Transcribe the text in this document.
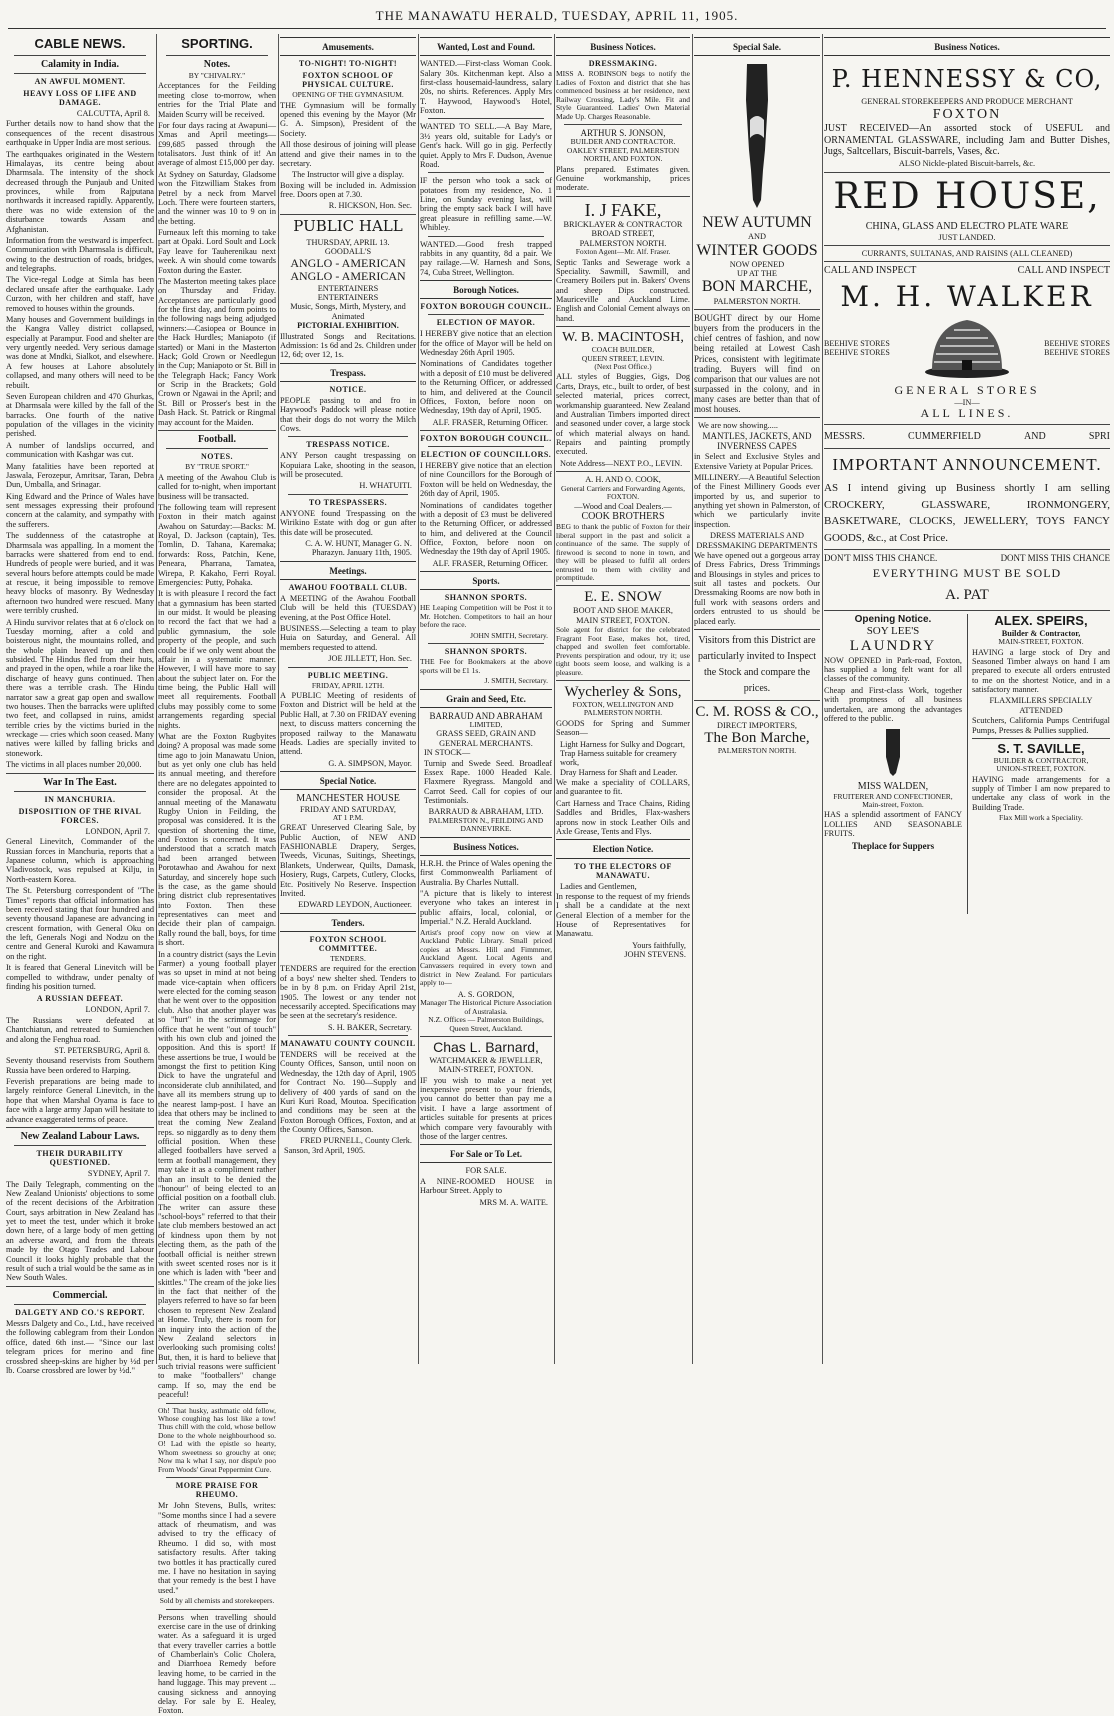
THE MANAWATU HERALD, TUESDAY, APRIL 11, 1905.
CABLE NEWS.
Calamity in India.
AN AWFUL MOMENT.
HEAVY LOSS OF LIFE AND DAMAGE.
CALCUTTA, April 8.
Further details now to hand show that the consequences of the recent disastrous earthquake in Upper India are most serious.
The earthquakes originated in the Western Himalayas, its centre being about Dharmsala. The intensity of the shock decreased through the Punjaub and United provinces, while from Rajputana northwards it increased rapidly. Apparently, there was no wide extension of the disturbance towards Assam and Afghanistan.
Information from the westward is imperfect. Communication with Dharmsala is difficult, owing to the destruction of roads, bridges, and telegraphs.
The Vice-regal Lodge at Simla has been declared unsafe after the earthquake. Lady Curzon, with her children and staff, have removed to houses within the grounds.
Many houses and Government buildings in the Kangra Valley district collapsed, especially at Parampur. Food and shelter are very urgently needed. Very serious damage was done at Mndki, Sialkot, and elsewhere. A few houses at Lahore absolutely collapsed, and many others will need to be rebuilt.
Seven European children and 470 Ghurkas, at Dharmsala were killed by the fall of the barracks. One fourth of the native population of the villages in the vicinity perished.
A number of landslips occurred, and communication with Kashgar was cut.
Many fatalities have been reported at Jaswala, Ferozepur, Amritsar, Taran, Debra Dun, Umballa, and Srinagar.
King Edward and the Prince of Wales have sent messages expressing their profound concern at the calamity, and sympathy with the sufferers.
The suddenness of the catastrophe at Dharmsala was appalling. In a moment the barracks were shattered from end to end. Hundreds of people were buried, and it was several hours before attempts could be made at rescue, it being impossible to remove heavy blocks of masonry. By Wednesday afternoon two hundred were rescued. Many were terribly crushed.
A Hindu survivor relates that at 6 o'clock on Tuesday morning, after a cold and boisterous night, the mountains rolled, and the whole plain heaved up and then subsided. The Hindus fled from their huts, and prayed in the open, while a roar like the discharge of heavy guns continued. Then there was a terrible crash. The Hindu narrator saw a great gap open and swallow two houses. Then the barracks were uplifted two feet, and collapsed in ruins, amidst terrible cries by the victims buried in the wreckage — cries which soon ceased. Many natives were killed by falling bricks and stonework.
The victims in all places number 20,000.
War In The East.
IN MANCHURIA.
DISPOSITION OF THE RIVAL FORCES.
LONDON, April 7.
General Linevitch, Commander of the Russian forces in Manchuria, reports that a Japanese column, which is approaching Vladivostock, was repulsed at Kilju, in North-eastern Korea.
The St. Petersburg correspondent of "The Times" reports that official information has been received stating that four hundred and seventy thousand Japanese are advancing in crescent formation, with General Oku on the left, Generals Nogi and Nodzu on the centre and General Kuroki and Kawamura on the right.
It is feared that General Linevitch will be compelled to withdraw, under penalty of finding his position turned.
A RUSSIAN DEFEAT.
LONDON, April 7.
The Russians were defeated at Chantchiatun, and retreated to Sumienchen and along the Fenghua road.
ST. PETERSBURG, April 8.
Seventy thousand reservists from Southern Russia have been ordered to Harping.
Feverish preparations are being made to largely reinforce General Linevitch, in the hope that when Marshal Oyama is face to face with a large army Japan will hesitate to advance exaggerated terms of peace.
New Zealand Labour Laws.
THEIR DURABILITY QUESTIONED.
SYDNEY, April 7.
The Daily Telegraph, commenting on the New Zealand Unionists' objections to some of the recent decisions of the Arbitration Court, says arbitration in New Zealand has yet to meet the test, under which it broke down here, of a large body of men getting an adverse award, and from the threats made by the Otago Trades and Labour Council it looks highly probable that the result of such a trial would be the same as in New South Wales.
Commercial.
DALGETY AND CO.'S REPORT.
Messrs Dalgety and Co., Ltd., have received the following cablegram from their London office, dated 6th inst.— "Since our last telegram prices for merino and fine crossbred sheep-skins are higher by ½d per lb. Coarse crossbred are lower by ½d."
SPORTING.
Notes.
BY "CHIVALRY."
Acceptances for the Feilding meeting close to-morrow, when entries for the Trial Plate and Maiden Scurry will be received.
For four days racing at Awapuni—Xmas and April meetings—£99,685 passed through the totalisators. Just think of it! An average of almost £15,000 per day.
At Sydney on Saturday, Gladsome won the Fitzwilliam Stakes from Petrel by a neck from Marvel Loch. There were fourteen starters, and the winner was 10 to 9 on in the betting.
Furneaux left this morning to take part at Opaki. Lord Soult and Lock Fay leave for Tauherenikau next week. A win should come towards Foxton during the Easter.
The Masterton meeting takes place on Thursday and Friday. Acceptances are particularly good for the first day, and form points to the following nags being adjudged winners:—Casiopea or Bounce in the Hack Hurdles; Maniapoto (if started) or Mani in the Masterton Hack; Gold Crown or Needlegun in the Cup; Maniapoto or St. Bill in the Telegraph Hack; Fancy Work or Scrip in the Brackets; Gold Crown or Ngawai in the April; and St. Bill or Prosser's best in the Dash Hack. St. Patrick or Ringmal may account for the Maiden.
Football.
NOTES.
BY "TRUE SPORT."
A meeting of the Awahou Club is called for to-night, when important business will be transacted.
The following team will represent Foxton in their match against Awahou on Saturday:—Backs: M. Royal, D. Jackson (captain), Tes. Tomlin, D. Tahana, Karemaka; forwards: Ross, Patchin, Kene, Peneara, Pharrana, Tamatea, Wirepa, P. Kakaho, Ferri Royal. Emergencies: Putty, Pohaka.
It is with pleasure I record the fact that a gymnasium has been started in our midst. It would be pleasing to record the fact that we had a public gymnasium, the sole property of the people, and such could be if we only went about the affair in a systematic manner. However, I will have more to say about the subject later on. For the time being, the Public Hall will meet all requirements. Football clubs may possibly come to some arrangements regarding special nights.
What are the Foxton Rugbyites doing? A proposal was made some time ago to join Manawatu Union, but as yet only one club has held its annual meeting, and therefore there are no delegates appointed to consider the proposal. At the annual meeting of the Manawatu Rugby Union in Feilding, the proposal was considered. It is the question of shortening the time, and Foxton is concerned. It was understood that a scratch match had been arranged between Porotawhao and Awahou for next Saturday, and sincerely hope such is the case, as the game should bring district club representatives into Foxton. Then these representatives can meet and decide their plan of campaign. Rally round the ball, boys, for time is short.
In a country district (says the Levin Farmer) a young football player was so upset in mind at not being made vice-captain when officers were elected for the coming season that he went over to the opposition club. Also that another player was so "hurt" in the scrimmage for office that he went "out of touch" with his own club and joined the opposition. And this is sport! If these assertions be true, I would be amongst the first to petition King Dick to have the ungrateful and inconsiderate club annihilated, and have all its members strung up to the nearest lamp-post. I have an idea that others may be inclined to treat the coming New Zealand reps. so niggardly as to deny them official position. When these alleged footballers have served a term at football management, they may take it as a compliment rather than an insult to be denied the "honour" of being elected to an official position on a football club. The writer can assure these "school-boys" referred to that their late club members bestowed an act of kindness upon them by not electing them, as the path of the football official is neither strewn with sweet scented roses nor is it one which is laden with "beer and skittles." The cream of the joke lies in the fact that neither of the players referred to have so far been chosen to represent New Zealand at Home. Truly, there is room for an inquiry into the action of the New Zealand selectors in overlooking such promising colts! But, then, it is hard to believe that such trivial reasons were sufficient to make "footballers" change camp. If so, may the end be peaceful!
Oh! That husky, asthmatic old fellow, Whose coughing has lost like a tow! Thus chill with the cold, whose bellow Done to the whole neighbourhood so. O! Lad with the epistle so hearty, Whom sweetness so grouchy at one; Now ma k what I say, nor dispu'e poo From Woods' Great Peppermint Cure.
MORE PRAISE FOR RHEUMO.
Mr John Stevens, Bulls, writes: "Some months since I had a severe attack of rheumatism, and was advised to try the efficacy of Rheumo. I did so, with most satisfactory results. After taking two bottles it has practically cured me. I have no hesitation in saying that your remedy is the best I have used."
Sold by all chemists and storekeepers.
Persons when travelling should exercise care in the use of drinking water. As a safeguard it is urged that every traveller carries a bottle of Chamberlain's Colic Cholera, and Diarrhoea Remedy before leaving home, to be carried in the hand luggage. This may prevent ... causing sickness and annoying delay. For sale by E. Healey, Foxton.
Amusements.
TO-NIGHT! TO-NIGHT!
FOXTON SCHOOL OF PHYSICAL CULTURE.
OPENING OF THE GYMNASIUM.
THE Gymnasium will be formally opened this evening by the Mayor (Mr G. A. Simpson), President of the Society.
All those desirous of joining will please attend and give their names in to the secretary.
The Instructor will give a display.
Boxing will be included in. Admission free. Doors open at 7.30.
R. HICKSON, Hon. Sec.
PUBLIC HALL
THURSDAY, APRIL 13.
GOODALL'S
ANGLO - AMERICAN
ANGLO - AMERICAN
ENTERTAINERS
ENTERTAINERS
Music, Songs, Mirth, Mystery, and Animated
PICTORIAL EXHIBITION.
Illustrated Songs and Recitations. Admission: 1s 6d and 2s. Children under 12, 6d; over 12, 1s.
Trespass.
NOTICE.
PEOPLE passing to and fro in Haywood's Paddock will please notice that their dogs do not worry the Milch Cows.
TRESPASS NOTICE.
ANY Person caught trespassing on Kopuiara Lake, shooting in the season, will be prosecuted.
H. WHATUITI.
TO TRESPASSERS.
ANYONE found Trespassing on the Wirikino Estate with dog or gun after this date will be prosecuted.
C. A. W. HUNT, Manager G. N. Pharazyn. January 11th, 1905.
Meetings.
AWAHOU FOOTBALL CLUB.
A MEETING of the Awahou Football Club will be held this (TUESDAY) evening, at the Post Office Hotel.
BUSINESS.—Selecting a team to play Huia on Saturday, and General. All members requested to attend.
JOE JILLETT, Hon. Sec.
PUBLIC MEETING.
FRIDAY, APRIL 12TH.
A PUBLIC Meeting of residents of Foxton and District will be held at the Public Hall, at 7.30 on FRIDAY evening next, to discuss matters concerning the proposed railway to the Manawatu Heads. Ladies are specially invited to attend.
G. A. SIMPSON, Mayor.
Special Notice.
MANCHESTER HOUSE
FRIDAY AND SATURDAY,
AT 1 P.M.
GREAT Unreserved Clearing Sale, by Public Auction, of NEW AND FASHIONABLE Drapery, Serges, Tweeds, Vicunas, Suitings, Sheetings, Blankets, Underwear, Quilts, Damask, Hosiery, Rugs, Carpets, Cutlery, Clocks, Etc. Positively No Reserve. Inspection Invited.
EDWARD LEYDON, Auctioneer.
Tenders.
FOXTON SCHOOL COMMITTEE.
TENDERS.
TENDERS are required for the erection of a boys' new shelter shed. Tenders to be in by 8 p.m. on Friday April 21st, 1905. The lowest or any tender not necessarily accepted. Specifications may be seen at the secretary's residence.
S. H. BAKER, Secretary.
MANAWATU COUNTY COUNCIL
TENDERS will be received at the County Offices, Sanson, until noon on Wednesday, the 12th day of April, 1905 for Contract No. 190—Supply and delivery of 400 yards of sand on the Kuri Kuri Road, Moutoa. Specification and conditions may be seen at the Foxton Borough Offices, Foxton, and at the County Offices, Sanson.
FRED PURNELL, County Clerk.
Sanson, 3rd April, 1905.
Wanted, Lost and Found.
WANTED.—First-class Woman Cook. Salary 30s. Kitchenman kept. Also a first-class housemaid-laundress, salary 20s, no shirts. References. Apply Mrs T. Haywood, Haywood's Hotel, Foxton.
WANTED TO SELL.—A Bay Mare, 3½ years old, suitable for Lady's or Gent's hack. Will go in gig. Perfectly quiet. Apply to Mrs F. Dudson, Avenue Road.
IF the person who took a sack of potatoes from my residence, No. 1 Line, on Sunday evening last, will bring the empty sack back I will have great pleasure in refilling same.—W. Whibley.
WANTED.—Good fresh trapped rabbits in any quantity, 8d a pair. We pay railage.—W. Harnesh and Sons, 74, Cuba Street, Wellington.
Borough Notices.
FOXTON BOROUGH COUNCIL.
ELECTION OF MAYOR.
I HEREBY give notice that an election for the office of Mayor will be held on Wednesday 26th April 1905.
Nominations of Candidates together with a deposit of £10 must be delivered to the Returning Officer, or addressed to him, and delivered at the Council Offices, Foxton, before noon on Wednesday, 19th day of April, 1905.
ALF. FRASER, Returning Officer.
FOXTON BOROUGH COUNCIL.
ELECTION OF COUNCILLORS.
I HEREBY give notice that an election of nine Councillors for the Borough of Foxton will be held on Wednesday, the 26th day of April, 1905.
Nominations of candidates together with a deposit of £3 must be delivered to the Returning Officer, or addressed to him, and delivered at the Council Office, Foxton, before noon on Wednesday the 19th day of April 1905.
ALF. FRASER, Returning Officer.
Sports.
SHANNON SPORTS.
HE Leaping Competition will be Post it to Mr. Hotchen. Competitors to hail an hour before the race.
JOHN SMITH, Secretary.
SHANNON SPORTS.
THE Fee for Bookmakers at the above sports will be £1 1s.
J. SMITH, Secretary.
Grain and Seed, Etc.
BARRAUD AND ABRAHAM
LIMITED,
GRASS SEED, GRAIN AND GENERAL MERCHANTS.
IN STOCK—
Turnip and Swede Seed. Broadleaf Essex Rape. 1000 Headed Kale. Flaxmere Ryegrass. Mangold and Carrot Seed. Call for copies of our Testimonials.
BARRAUD & ABRAHAM, LTD.
PALMERSTON N., FEILDING AND DANNEVIRKE.
Business Notices.
H.R.H. the Prince of Wales opening the first Commonwealth Parliament of Australia. By Charles Nuttall.
"A picture that is likely to interest everyone who takes an interest in public affairs, local, colonial, or Imperial." N.Z. Herald Auckland.
Artist's proof copy now on view at Auckland Public Library. Small priced copies at Messrs. Hill and Fimmmer, Auckland Agent. Local Agents and Canvassers required in every town and district in New Zealand. For particulars apply to—
A. S. GORDON,
Manager The Historical Picture Association of Australasia.
N.Z. Offices — Palmerston Buildings, Queen Street, Auckland.
Chas L. Barnard,
WATCHMAKER & JEWELLER,
MAIN-STREET, FOXTON.
IF you wish to make a neat yet inexpensive present to your friends, you cannot do better than pay me a visit. I have a large assortment of articles suitable for presents at prices which compare very favourably with those of the larger centres.
For Sale or To Let.
FOR SALE.
A NINE-ROOMED HOUSE in Harbour Street. Apply to
MRS M. A. WAITE.
Business Notices.
DRESSMAKING.
MISS A. ROBINSON begs to notify the Ladies of Foxton and district that she has commenced business at her residence, next Railway Crossing, Lady's Mile. Fit and Style Guaranteed. Ladies' Own Material Made Up. Charges Reasonable.
ARTHUR S. JONSON,
BUILDER AND CONTRACTOR.
OAKLEY STREET, PALMERSTON NORTH, AND FOXTON.
Plans prepared. Estimates given. Genuine workmanship, prices moderate.
I. J FAKE,
BRICKLAYER & CONTRACTOR
BROAD STREET,
PALMERSTON NORTH.
Foxton Agent—Mr. Alf. Fraser.
Septic Tanks and Sewerage work a Speciality. Sawmill, Sawmill, and Creamery Boilers put in. Bakers' Ovens and sheep Dips constructed. Mauriceville and Auckland Lime. English and Colonial Cement always on hand.
W. B. MACINTOSH,
COACH BUILDER,
QUEEN STREET, LEVIN.
(Next Post Office.)
ALL styles of Buggies, Gigs, Dog Carts, Drays, etc., built to order, of best selected material, prices correct, workmanship guaranteed. New Zealand and Australian Timbers imported direct and seasoned under cover, a large stock of which material always on hand. Repairs and painting promptly executed.
Note Address—NEXT P.O., LEVIN.
A. H. AND O. COOK,
General Carriers and Forwarding Agents,
FOXTON.
—Wood and Coal Dealers.—
COOK BROTHERS
BEG to thank the public of Foxton for their liberal support in the past and solicit a continuance of the same. The supply of firewood is second to none in town, and they will be pleased to fulfil all orders entrusted to them with civility and promptitude.
E. E. SNOW
BOOT AND SHOE MAKER,
MAIN STREET, FOXTON.
Sole agent for district for the celebrated Fragrant Foot Ease, makes hot, tired, chapped and swollen feet comfortable. Prevents perspiration and odour, try it; use tight boots seem loose, and walking is a pleasure.
Wycherley & Sons,
FOXTON, WELLINGTON AND PALMERSTON NORTH.
GOODS for Spring and Summer Season—
Light Harness for Sulky and Dogcart,
Trap Harness suitable for creamery work,
Dray Harness for Shaft and Leader.
We make a speciality of COLLARS, and guarantee to fit.
Cart Harness and Trace Chains, Riding Saddles and Bridles, Flax-washers aprons now in stock Leather Oils and Axle Grease, Tents and Flys.
Election Notice.
TO THE ELECTORS OF MANAWATU.
Ladies and Gentlemen,
In response to the request of my friends I shall be a candidate at the next General Election of a member for the House of Representatives for Manawatu.
Yours faithfully,
JOHN STEVENS.
Special Sale.
NEW AUTUMN
AND
WINTER GOODS
NOW OPENED
UP AT THE
BON MARCHE,
PALMERSTON NORTH.
BOUGHT direct by our Home buyers from the producers in the chief centres of fashion, and now being retailed at Lowest Cash Prices, consistent with legitimate trading. Buyers will find on comparison that our values are not surpassed in the colony, and in many cases are better than that of most houses.
We are now showing.....
MANTLES, JACKETS, AND
INVERNESS CAPES
in Select and Exclusive Styles and Extensive Variety at Popular Prices.
MILLINERY.—A Beautiful Selection of the Finest Millinery Goods ever imported by us, and superior to anything yet shown in Palmerston, of which we particularly invite inspection.
DRESS MATERIALS AND DRESSMAKING DEPARTMENTS
We have opened out a gorgeous array of Dress Fabrics, Dress Trimmings and Blousings in styles and prices to suit all tastes and pockets. Our Dressmaking Rooms are now both in full work with seasons orders and orders entrusted to us should be placed early.
Visitors from this District are particularly invited to Inspect the Stock and compare the prices.
C. M. ROSS & CO.,
DIRECT IMPORTERS,
The Bon Marche,
PALMERSTON NORTH.
Business Notices.
P. HENNESSY & CO,
GENERAL STOREKEEPERS AND PRODUCE MERCHANT
FOXTON
JUST RECEIVED—An assorted stock of USEFUL and ORNAMENTAL GLASSWARE, including Jam and Butter Dishes, Jugs, Saltcellars, Biscuit-barrels, Vases, &c.
ALSO Nickle-plated Biscuit-barrels, &c.
RED HOUSE,
CHINA, GLASS AND ELECTRO PLATE WARE
JUST LANDED.
CURRANTS, SULTANAS, AND RAISINS (ALL CLEANED)
CALL AND INSPECT	CALL AND INSPECT
M. H. WALKER
BEEHIVE STORES
BEEHIVE STORES
BEEHIVE STORES
BEEHIVE STORES
GENERAL STORES
—IN—
ALL LINES.
MESSRS.	CUMMERFIELD	AND	SPRI
IMPORTANT ANNOUNCEMENT.
AS I intend giving up Business shortly I am selling CROCKERY, GLASSWARE, IRONMONGERY, BASKETWARE, CLOCKS, JEWELLERY, TOYS FANCY GOODS, &c., at Cost Price.
DON'T MISS THIS CHANCE.	DONT MISS THIS CHANCE
EVERYTHING MUST BE SOLD
A. PAT
Opening Notice.
SOY LEE'S
LAUNDRY
NOW OPENED in Park-road, Foxton, has supplied a long felt want for all classes of the community.
Cheap and First-class Work, together with promptness of all business undertaken, are among the advantages offered to the public.
MISS WALDEN,
FRUITERER AND CONFECTIONER,
Main-street, Foxton.
HAS a splendid assortment of FANCY LOLLIES AND SEASONABLE FRUITS.
Theplace for Suppers
ALEX. SPEIRS,
Builder & Contractor,
MAIN-STREET, FOXTON.
HAVING a large stock of Dry and Seasoned Timber always on hand I am prepared to execute all orders entrusted to me on the shortest Notice, and in a satisfactory manner.
FLAXMILLERS SPECIALLY ATTENDED
Scutchers, California Pumps Centrifugal Pumps, Presses & Pullies supplied.
S. T. SAVILLE,
BUILDER & CONTRACTOR,
UNION-STREET, FOXTON.
HAVING made arrangements for a supply of Timber I am now prepared to undertake any class of work in the Building Trade.
Flax Mill work a Speciality.
